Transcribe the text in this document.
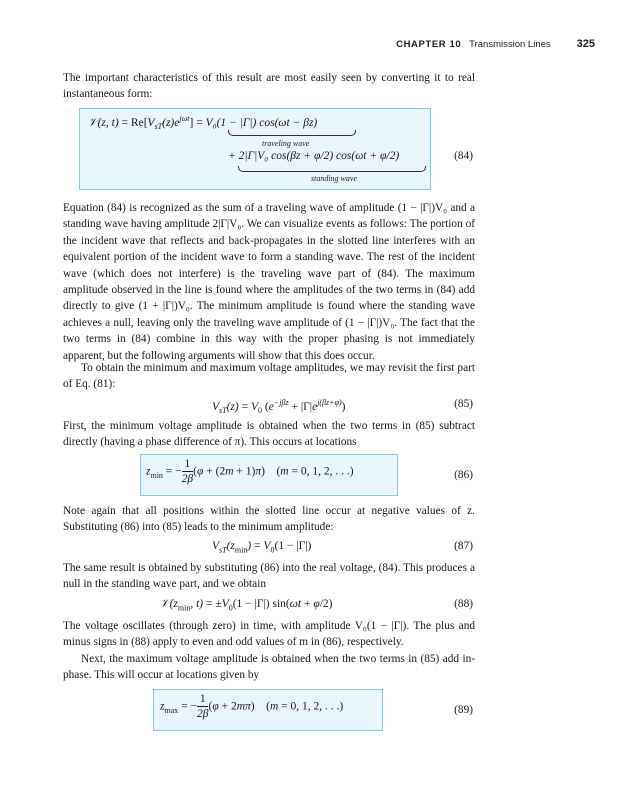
CHAPTER 10 Transmission Lines 325

The important characteristics of this result are most easily seen by converting it to real instantaneous form:

𝒱(z, $t) = Re[V_{sT}(z)e^{j\omega t}] = V_0(1 - |\Gamma|) \cos(\omega t - \beta z)$
traveling wave
+ 2|Γ|V₀ cos(βz + φ/2) cos(ωt + φ/2)
standing wave
(84)

Equation (84) is recognized as the sum of a traveling wave of amplitude (1 − |Γ|)V₀ and a standing wave having amplitude 2|Γ|V₀. We can visualize events as follows: The portion of the incident wave that reflects and back-propagates in the slotted line interferes with an equivalent portion of the incident wave to form a standing wave. The rest of the incident wave (which does not interfere) is the traveling wave part of (84). The maximum amplitude observed in the line is found where the amplitudes of the two terms in (84) add directly to give (1 + |Γ|)V₀. The minimum amplitude is found where the standing wave achieves a null, leaving only the traveling wave amplitude of (1 − |Γ|)V₀. The fact that the two terms in (84) combine in this way with the proper phasing is not immediately apparent, but the following arguments will show that this does occur.

To obtain the minimum and maximum voltage amplitudes, we may revisit the first part of Eq. (81):

$V_{sT}(z) = V_0$ $(e^{-j\beta z} + |\Gamma|e^{j(\beta z+\varphi)})$	(85)

First, the minimum voltage amplitude is obtained when the two terms in (85) subtract directly (having a phase difference of π). This occurs at locations

$z_{min}$ = − $\frac{1}{2\beta} (\varphi + (2m + 1)\pi) (m = 0$, 1, 2, . . .)	(86)

Note again that all positions within the slotted line occur at negative values of z. Substituting (86) into (85) leads to the minimum amplitude:

$V_{sT}(z_{min}) = V_0(1 - |\Gamma|)$	(87)

The same result is obtained by substituting (86) into the real voltage, (84). This produces a null in the standing wave part, and we obtain

$𝒱(z_{min}$, $t) = \pm V_0(1 - |\Gamma|) \sin(\omega t + \varphi/2)$	(88)

The voltage oscillates (through zero) in time, with amplitude V₀(1 − |Γ|). The plus and minus signs in (88) apply to even and odd values of m in (86), respectively.

Next, the maximum voltage amplitude is obtained when the two terms in (85) add in-phase. This will occur at locations given by

$z_{max}$ = − $\frac{1}{2\beta} (\varphi + 2m\pi) (m = 0$, 1, 2, . . .)	(89)
